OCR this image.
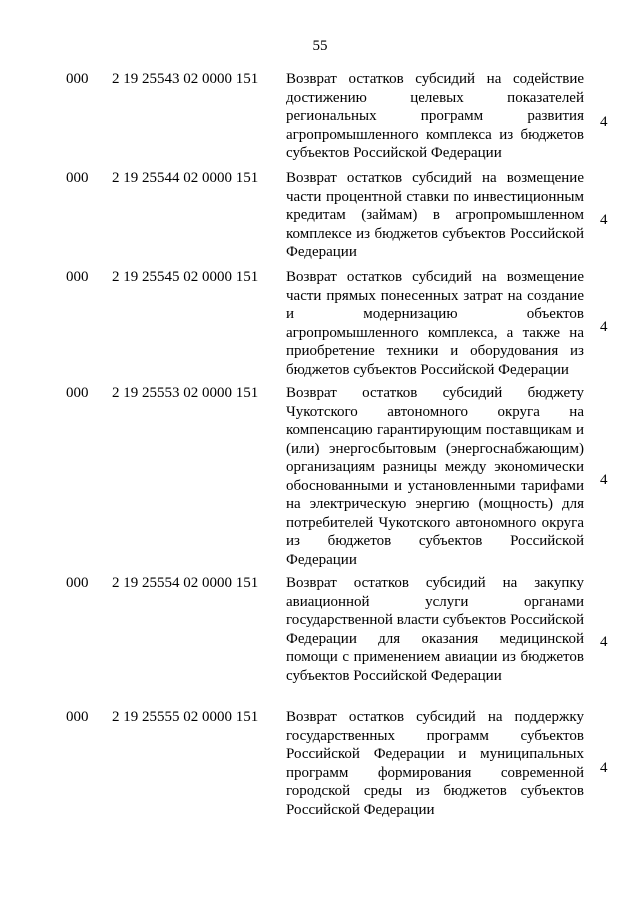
55
000 2 19 25543 02 0000 151 Возврат остатков субсидий на содействие достижению целевых показателей региональных программ развития агропромышленного комплекса из бюджетов субъектов Российской Федерации
4
000 2 19 25544 02 0000 151 Возврат остатков субсидий на возмещение части процентной ставки по инвестиционным кредитам (займам) в агропромышленном комплексе из бюджетов субъектов Российской Федерации
4
000 2 19 25545 02 0000 151 Возврат остатков субсидий на возмещение части прямых понесенных затрат на создание и модернизацию объектов агропромышленного комплекса, а также на приобретение техники и оборудования из бюджетов субъектов Российской Федерации
4
000 2 19 25553 02 0000 151 Возврат остатков субсидий бюджету Чукотского автономного округа на компенсацию гарантирующим поставщикам и (или) энергосбытовым (энергоснабжающим) организациям разницы между экономически обоснованными и установленными тарифами на электрическую энергию (мощность) для потребителей Чукотского автономного округа из бюджетов субъектов Российской Федерации
4
000 2 19 25554 02 0000 151 Возврат остатков субсидий на закупку авиационной услуги органами государственной власти субъектов Российской Федерации для оказания медицинской помощи с применением авиации из бюджетов субъектов Российской Федерации
4
000 2 19 25555 02 0000 151 Возврат остатков субсидий на поддержку государственных программ субъектов Российской Федерации и муниципальных программ формирования современной городской среды из бюджетов субъектов Российской Федерации
4
